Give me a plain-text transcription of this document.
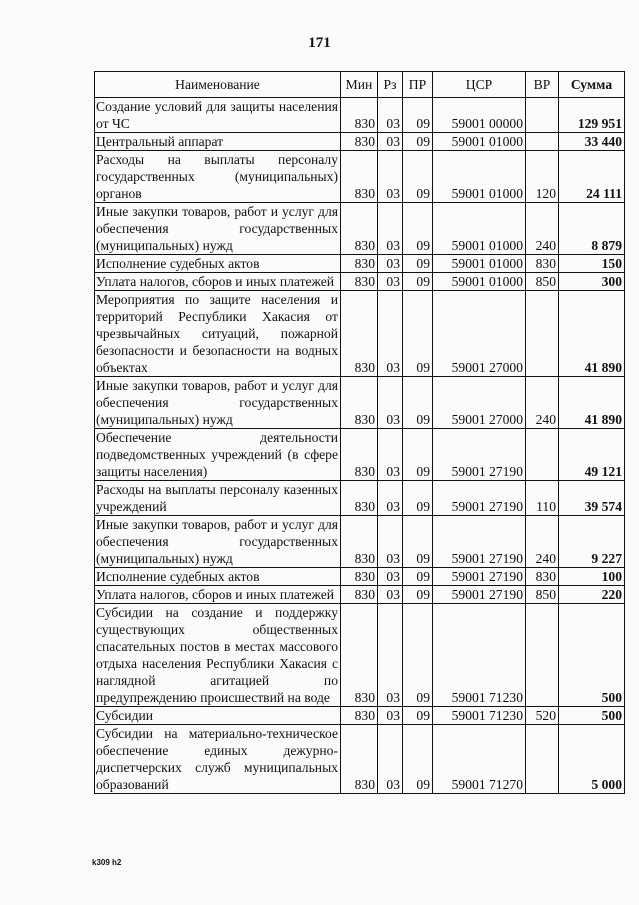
171
Наименование	Мин	Рз	ПР	ЦСР	ВР	Сумма
Создание условий для защиты населения от ЧС	830	03	09	59001 00000		129 951
Центральный аппарат	830	03	09	59001 01000		33 440
Расходы на выплаты персоналу государственных (муниципальных) органов	830	03	09	59001 01000	120	24 111
Иные закупки товаров, работ и услуг для обеспечения государственных (муниципальных) нужд	830	03	09	59001 01000	240	8 879
Исполнение судебных актов	830	03	09	59001 01000	830	150
Уплата налогов, сборов и иных платежей	830	03	09	59001 01000	850	300
Мероприятия по защите населения и территорий Республики Хакасия от чрезвычайных ситуаций, пожарной безопасности и безопасности на водных объектах	830	03	09	59001 27000		41 890
Иные закупки товаров, работ и услуг для обеспечения государственных (муниципальных) нужд	830	03	09	59001 27000	240	41 890
Обеспечение деятельности подведомственных учреждений (в сфере защиты населения)	830	03	09	59001 27190		49 121
Расходы на выплаты персоналу казенных учреждений	830	03	09	59001 27190	110	39 574
Иные закупки товаров, работ и услуг для обеспечения государственных (муниципальных) нужд	830	03	09	59001 27190	240	9 227
Исполнение судебных актов	830	03	09	59001 27190	830	100
Уплата налогов, сборов и иных платежей	830	03	09	59001 27190	850	220
Субсидии на создание и поддержку существующих общественных спасательных постов в местах массового отдыха населения Республики Хакасия с наглядной агитацией по предупреждению происшествий на воде	830	03	09	59001 71230		500
Субсидии	830	03	09	59001 71230	520	500
Субсидии на материально-техническое обеспечение единых дежурно-диспетчерских служб муниципальных образований	830	03	09	59001 71270		5 000
k309 h2
